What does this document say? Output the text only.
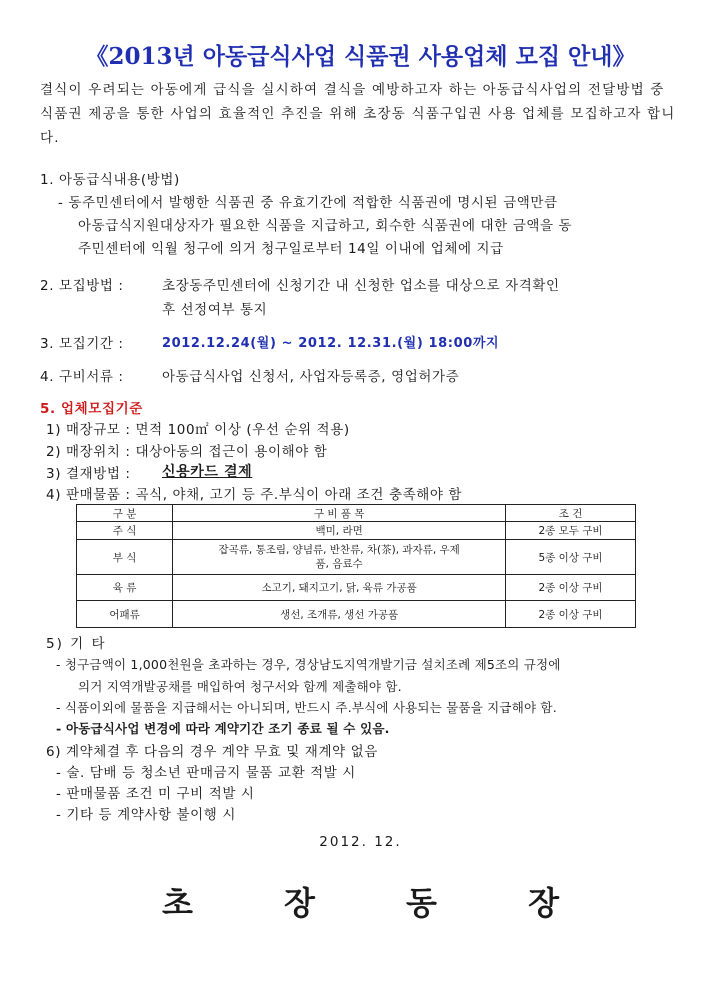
《2013년 아동급식사업 식품권 사용업체 모집 안내》
결식이 우려되는 아동에게 급식을 실시하여 결식을 예방하고자 하는 아동급식사업의 전달방법 중 식품권 제공을 통한 사업의 효율적인 추진을 위해 초장동 식품구입권 사용 업체를 모집하고자 합니다.
1. 아동급식내용(방법)
- 동주민센터에서 발행한 식품권 중 유효기간에 적합한 식품권에 명시된 금액만큼
아동급식지원대상자가 필요한 식품을 지급하고, 회수한 식품권에 대한 금액을 동
주민센터에 익월 청구에 의거 청구일로부터 14일 이내에 업체에 지급
2. 모집방법 :	초장동주민센터에 신청기간 내 신청한 업소를 대상으로 자격확인
후 선정여부 통지
3. 모집기간 :	2012.12.24(월) ~ 2012. 12.31.(월) 18:00까지
4. 구비서류 :	아동급식사업 신청서, 사업자등록증, 영업허가증
5. 업체모집기준
1) 매장규모 : 면적 100㎡ 이상 (우선 순위 적용)
2) 매장위치 : 대상아동의 접근이 용이해야 함
3) 결재방법 : 신용카드 결제
4) 판매물품 : 곡식, 야채, 고기 등 주.부식이 아래 조건 충족해야 함
구 분	구 비 품 목	조 건
주 식	백미, 라면	2종 모두 구비
부 식	잡곡류, 통조림, 양념류, 반찬류, 차(茶), 과자류, 우제품, 음료수	5종 이상 구비
육 류	소고기, 돼지고기, 닭, 육류 가공품	2종 이상 구비
어패류	생선, 조개류, 생선 가공품	2종 이상 구비
5) 기 타
- 청구금액이 1,000천원을 초과하는 경우, 경상남도지역개발기금 설치조례 제5조의 규정에
의거 지역개발공채를 매입하여 청구서와 함께 제출해야 함.
- 식품이외에 물품을 지급해서는 아니되며, 반드시 주.부식에 사용되는 물품을 지급해야 함.
- 아동급식사업 변경에 따라 계약기간 조기 종료 될 수 있음.
6) 계약체결 후 다음의 경우 계약 무효 및 재계약 없음
- 술. 담배 등 청소년 판매금지 물품 교환 적발 시
- 판매물품 조건 미 구비 적발 시
- 기타 등 계약사항 불이행 시
2012. 12.
초 장 동 장
